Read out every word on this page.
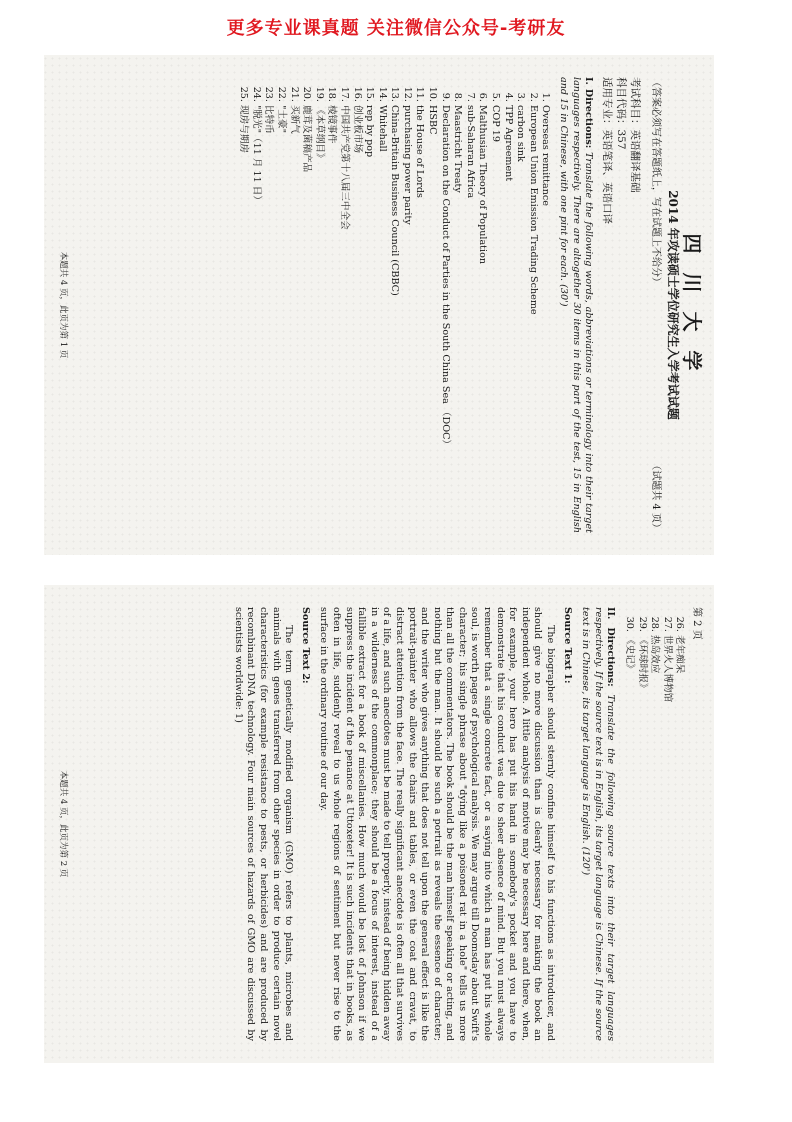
更多专业课真题 关注微信公众号-考研友
四 川 大 学
2014 年攻读硕士学位研究生入学考试试题
（答案必须写在答题纸上，写在试题上不给分）
（试题共 4 页）
考试科目：英语翻译基础
科目代码：357
适用专业：英语笔译、英语口译
I. Directions: Translate the following words, abbreviations or terminology into their target languages respectively. There are altogether 30 items in this part of the test, 15 in English and 15 in Chinese, with one pint for each. (30')
1. Overseas remittance
2. European Union Emission Trading Scheme
3. carbon sink
4. TPP Agreement
5. COP 19
6. Malthusian Theory of Population
7. sub-Saharan Africa
8. Maastricht Treaty
9. Declaration on the Conduct of Parties in the South China Sea （DOC）
10. HSBC
11. the House of Lords
12. purchasing power parity
13. China-Britain Business Council (CBBC)
14. Whitehall
15. rep by pop
16. 创业板市场
17. 中国共产党第十八届三中全会
18. 棱镜事件
19. 《本草纲目》
20. 鹿茸及菌稿产品
21. 买新气
22. "土豪"
23. 比特币
24. "脱光"（11 月 11 日）
25. 现房与期房
本题共 4 页，此页为第 1 页
第 2 页
26. 老年痴呆
27. 世界火人博物馆
28. 热岛效应
29. 《环球时报》
30. 《史记》
II. Directions: Translate the following source texts into their target languages respectively. If the source text is in English, its target language is Chinese. If the source text is in Chinese, its target language is English. (120')
Source Text 1:

The biographer should sternly confine himself to his functions as introducer, and should give no more discussion than is clearly necessary for making the book an independent whole. A little analysis of motive may be necessary here and there, when, for example, your hero has put his hand in somebody's pocket and you have to demonstrate that his conduct was due to sheer absence of mind. But you must always remember that a single concrete fact, or a saying into which a man has put his whole soul, is worth pages of psychological analysis. We may argue till Doomsday about Swift's character; his single phrase about "dying like a poisoned rat in a hole" tells us more than all the commentators. The book should be the man himself speaking or acting, and nothing but the man. It should be such a portrait as reveals the essence of character; and the writer who gives anything that does not tell upon the general effect is like the portrait-painter who allows the chairs and tables, or even the coat and cravat, to distract attention from the face. The really significant anecdote is often all that survives of a life, and such anecdotes must be made to tell properly, instead of being hidden away in a wilderness of the commonplace; they should be a focus of interest, instead of a fallible extract for a book of miscellanies. How much would be lost of Johnson if we suppress the incident of the penance at Uttoxeter! It is such incidents that in books, as often in life, suddenly reveal to us whole regions of sentiment but never rise to the surface in the ordinary routine of our day.

Source Text 2:

The term genetically modified organism (GMO) refers to plants, microbes and animals with genes transferred from other species in order to produce certain novel characteristics (for example resistance to pests, or herbicides) and are produced by recombinant DNA technology. Four main sources of hazards of GMO are discussed by scientists worldwide: 1)

本题共 4 页，此页为第 2 页
